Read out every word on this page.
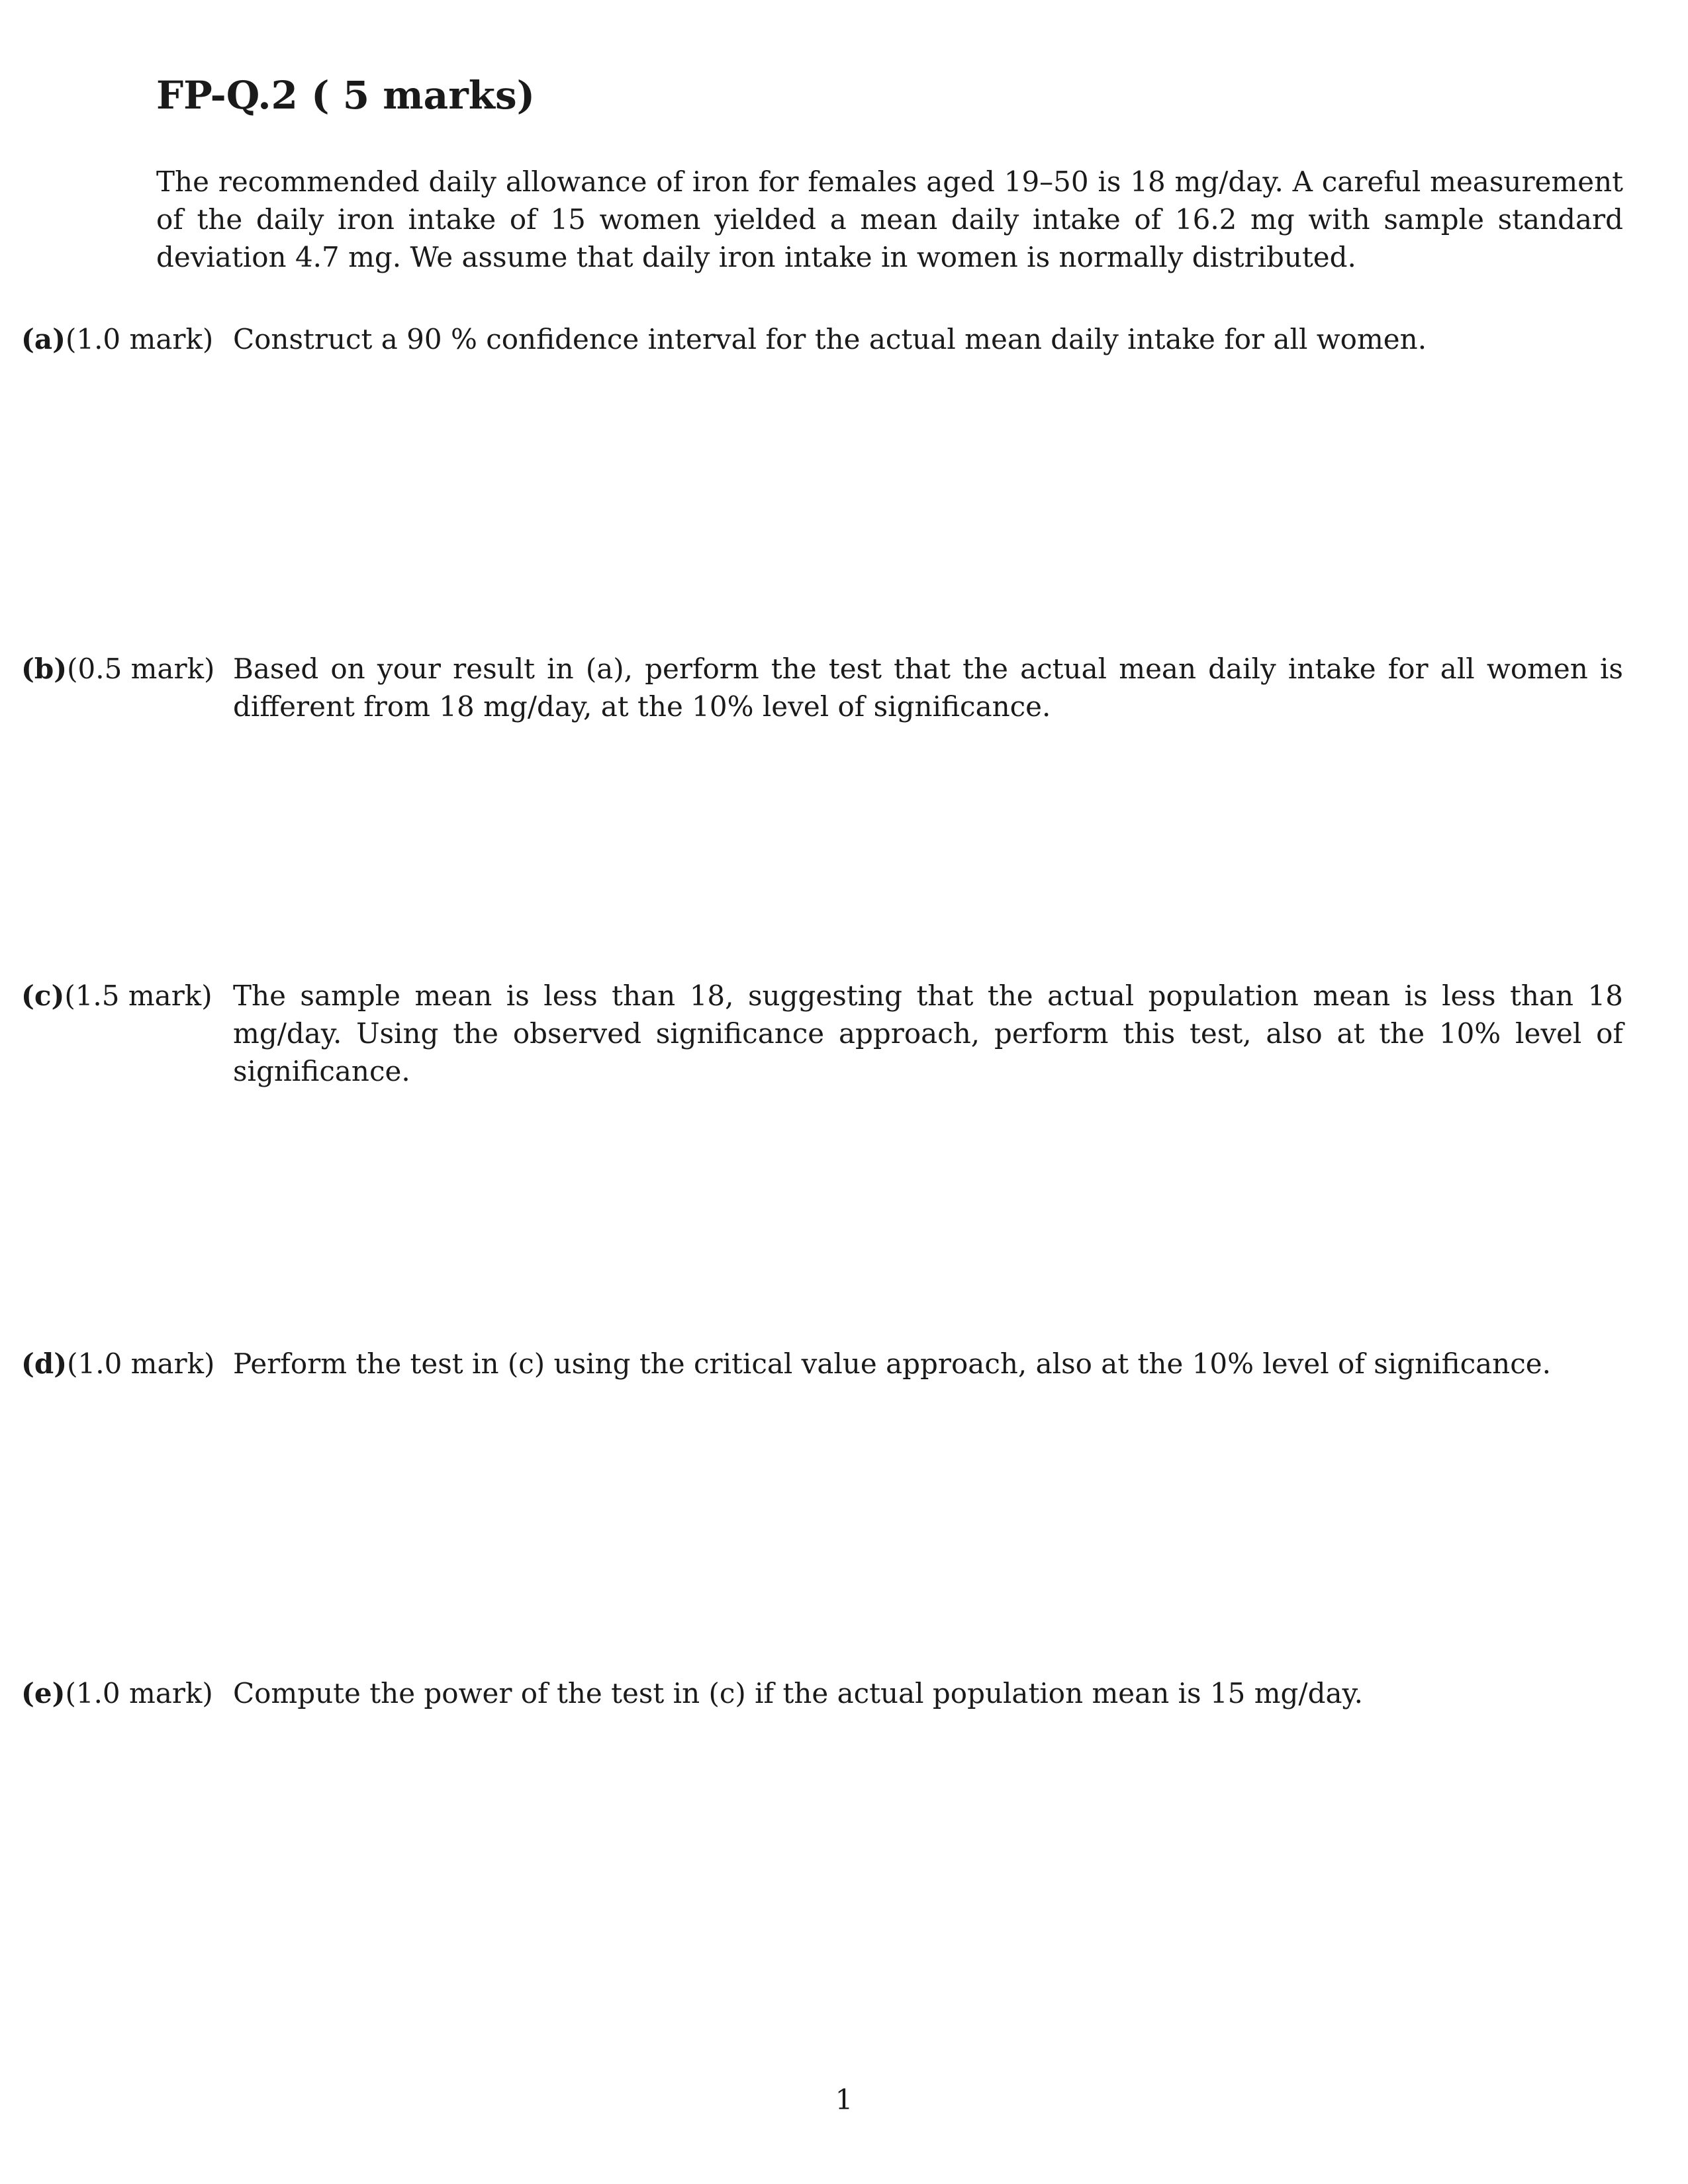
FP-Q.2 ( 5 marks)

The recommended daily allowance of iron for females aged 19–50 is 18 mg/day. A careful measurement of the daily iron intake of 15 women yielded a mean daily intake of 16.2 mg with sample standard deviation 4.7 mg. We assume that daily iron intake in women is normally distributed.

(a)(1.0 mark) Construct a 90 % confidence interval for the actual mean daily intake for all women.
(b)(0.5 mark) Based on your result in (a), perform the test that the actual mean daily intake for all women is different from 18 mg/day, at the 10% level of significance.
(c)(1.5 mark) The sample mean is less than 18, suggesting that the actual population mean is less than 18 mg/day. Using the observed significance approach, perform this test, also at the 10% level of significance.
(d)(1.0 mark) Perform the test in (c) using the critical value approach, also at the 10% level of significance.
(e)(1.0 mark) Compute the power of the test in (c) if the actual population mean is 15 mg/day.
1
